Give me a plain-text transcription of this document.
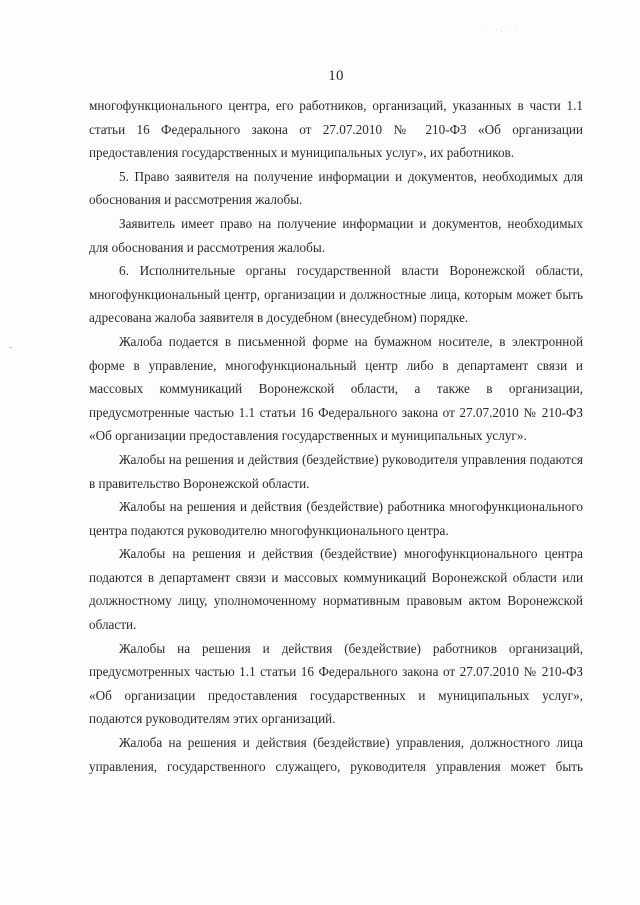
· ·,· ·
10

многофункционального центра, его работников, организаций, указанных в части 1.1 статьи 16 Федерального закона от 27.07.2010 № 210-ФЗ «Об организации предоставления государственных и муниципальных услуг», их работников.

5. Право заявителя на получение информации и документов, необходимых для обоснования и рассмотрения жалобы.

Заявитель имеет право на получение информации и документов, необходимых для обоснования и рассмотрения жалобы.

6. Исполнительные органы государственной власти Воронежской области, многофункциональный центр, организации и должностные лица, которым может быть адресована жалоба заявителя в досудебном (внесудебном) порядке.

Жалоба подается в письменной форме на бумажном носителе, в электронной форме в управление, многофункциональный центр либо в департамент связи и массовых коммуникаций Воронежской области, а также в организации, предусмотренные частью 1.1 статьи 16 Федерального закона от 27.07.2010 № 210-ФЗ «Об организации предоставления государственных и муниципальных услуг».

Жалобы на решения и действия (бездействие) руководителя управления подаются в правительство Воронежской области.

Жалобы на решения и действия (бездействие) работника многофункционального центра подаются руководителю многофункционального центра.

Жалобы на решения и действия (бездействие) многофункционального центра подаются в департамент связи и массовых коммуникаций Воронежской области или должностному лицу, уполномоченному нормативным правовым актом Воронежской области.

Жалобы на решения и действия (бездействие) работников организаций, предусмотренных частью 1.1 статьи 16 Федерального закона от 27.07.2010 № 210-ФЗ «Об организации предоставления государственных и муниципальных услуг», подаются руководителям этих организаций.

Жалоба на решения и действия (бездействие) управления, должностного лица управления, государственного служащего, руководителя управления может быть
